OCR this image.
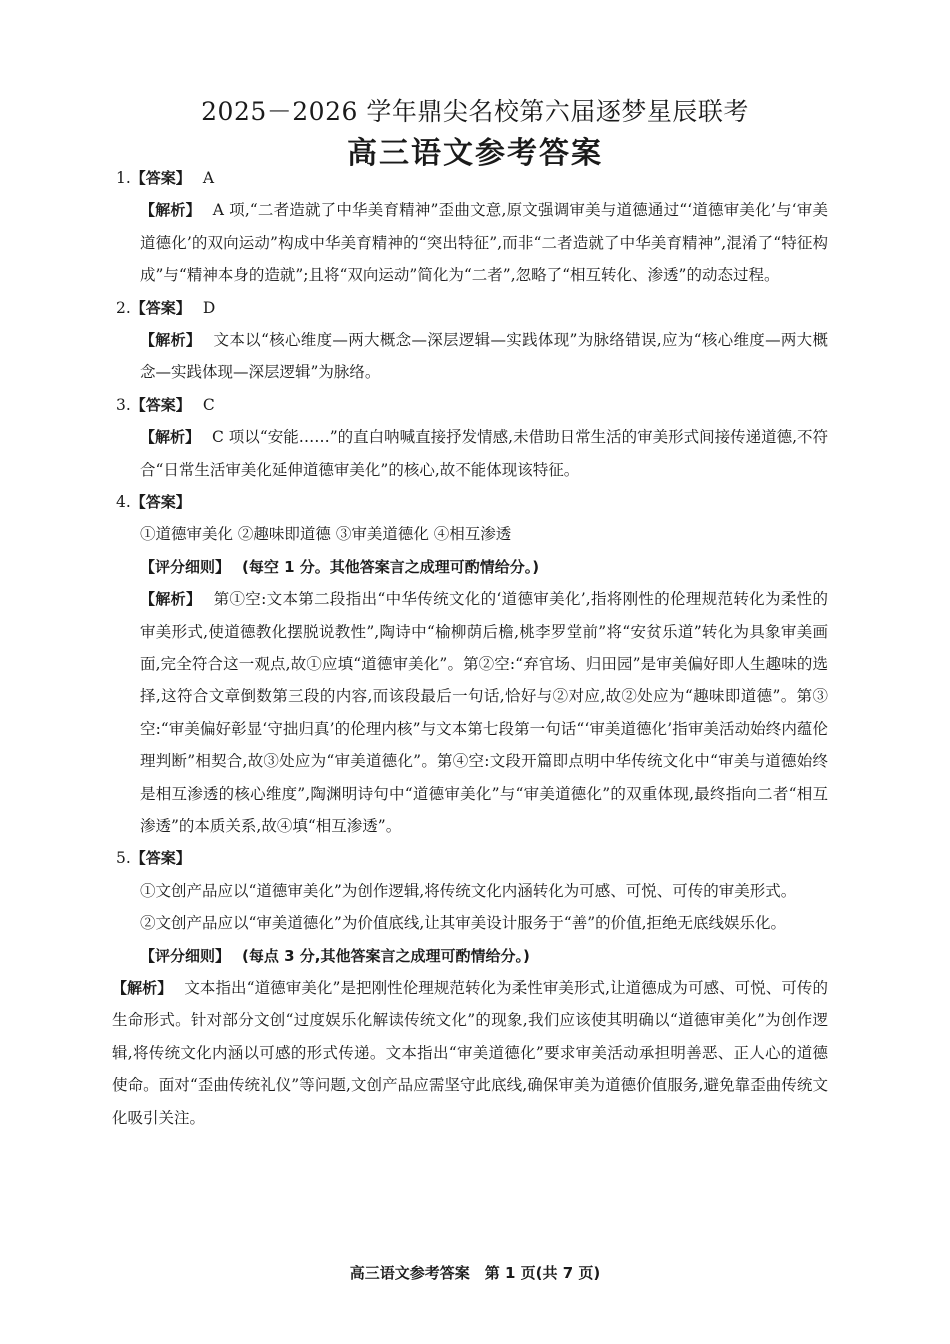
2025－2026 学年鼎尖名校第六届逐梦星辰联考
高三语文参考答案
1.【答案】 A
【解析】 A 项,“二者造就了中华美育精神”歪曲文意,原文强调审美与道德通过“‘道德审美化’与‘审美道德化’的双向运动”构成中华美育精神的“突出特征”,而非“二者造就了中华美育精神”,混淆了“特征构成”与“精神本身的造就”;且将“双向运动”简化为“二者”,忽略了“相互转化、渗透”的动态过程。
2.【答案】 D
【解析】 文本以“核心维度—两大概念—深层逻辑—实践体现”为脉络错误,应为“核心维度—两大概念—实践体现—深层逻辑”为脉络。
3.【答案】 C
【解析】 C 项以“安能……”的直白呐喊直接抒发情感,未借助日常生活的审美形式间接传递道德,不符合“日常生活审美化延伸道德审美化”的核心,故不能体现该特征。
4.【答案】
①道德审美化 ②趣味即道德 ③审美道德化 ④相互渗透
【评分细则】 (每空 1 分。其他答案言之成理可酌情给分。)
【解析】 第①空:文本第二段指出“中华传统文化的‘道德审美化’,指将刚性的伦理规范转化为柔性的审美形式,使道德教化摆脱说教性”,陶诗中“榆柳荫后檐,桃李罗堂前”将“安贫乐道”转化为具象审美画面,完全符合这一观点,故①应填“道德审美化”。第②空:“弃官场、归田园”是审美偏好即人生趣味的选择,这符合文章倒数第三段的内容,而该段最后一句话,恰好与②对应,故②处应为“趣味即道德”。第③空:“审美偏好彰显‘守拙归真’的伦理内核”与文本第七段第一句话“‘审美道德化’指审美活动始终内蕴伦理判断”相契合,故③处应为“审美道德化”。第④空:文段开篇即点明中华传统文化中“审美与道德始终是相互渗透的核心维度”,陶渊明诗句中“道德审美化”与“审美道德化”的双重体现,最终指向二者“相互渗透”的本质关系,故④填“相互渗透”。
5.【答案】
①文创产品应以“道德审美化”为创作逻辑,将传统文化内涵转化为可感、可悦、可传的审美形式。
②文创产品应以“审美道德化”为价值底线,让其审美设计服务于“善”的价值,拒绝无底线娱乐化。
【评分细则】 (每点 3 分,其他答案言之成理可酌情给分。)
【解析】 文本指出“道德审美化”是把刚性伦理规范转化为柔性审美形式,让道德成为可感、可悦、可传的生命形式。针对部分文创“过度娱乐化解读传统文化”的现象,我们应该使其明确以“道德审美化”为创作逻辑,将传统文化内涵以可感的形式传递。文本指出“审美道德化”要求审美活动承担明善恶、正人心的道德使命。面对“歪曲传统礼仪”等问题,文创产品应需坚守此底线,确保审美为道德价值服务,避免靠歪曲传统文化吸引关注。
高三语文参考答案　第 1 页(共 7 页)
